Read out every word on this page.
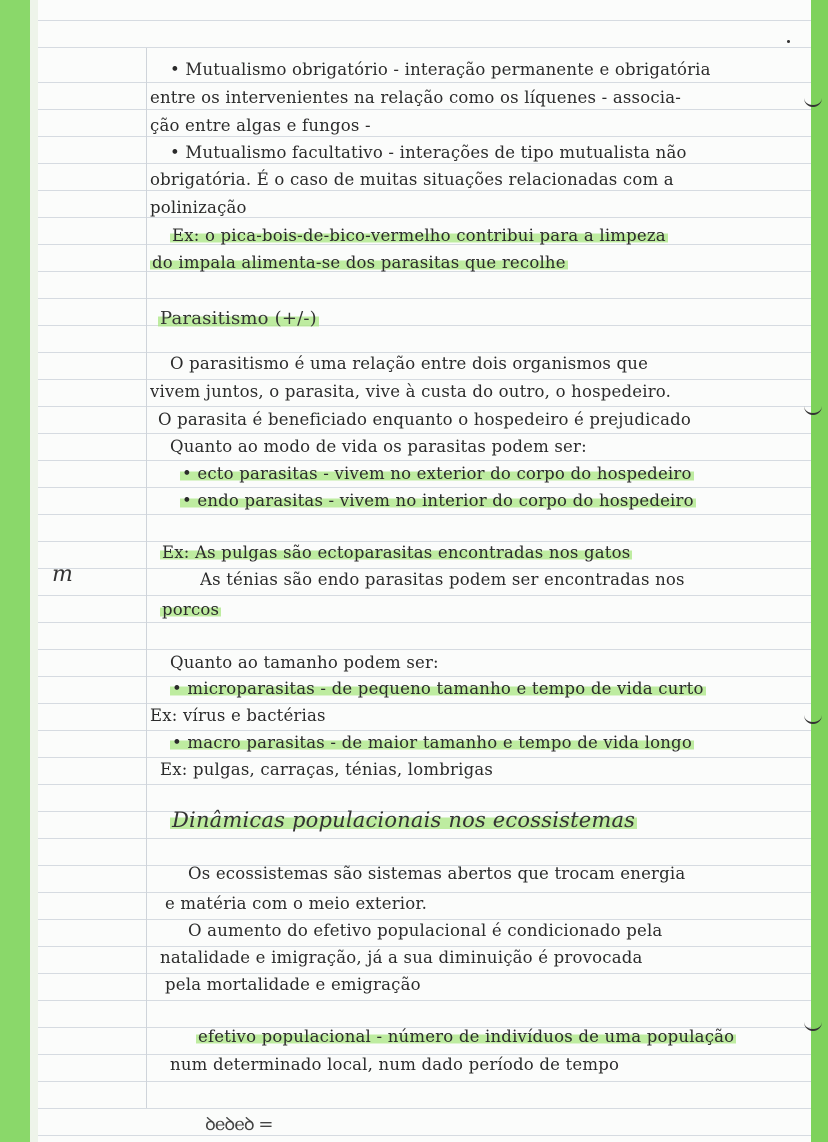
m
• Mutualismo obrigatório - interação permanente e obrigatória
entre os intervenientes na relação como os líquenes - associa-
ção entre algas e fungos -
• Mutualismo facultativo - interações de tipo mutualista não
obrigatória. É o caso de muitas situações relacionadas com a
polinização
Ex: o pica-bois-de-bico-vermelho contribui para a limpeza
do impala alimenta-se dos parasitas que recolhe
Parasitismo (+/-)
O parasitismo é uma relação entre dois organismos que
vivem juntos, o parasita, vive à custa do outro, o hospedeiro.
O parasita é beneficiado enquanto o hospedeiro é prejudicado
Quanto ao modo de vida os parasitas podem ser:
• ecto parasitas - vivem no exterior do corpo do hospedeiro
• endo parasitas - vivem no interior do corpo do hospedeiro
Ex: As pulgas são ectoparasitas encontradas nos gatos
As ténias são endo parasitas podem ser encontradas nos
porcos
Quanto ao tamanho podem ser:
• microparasitas - de pequeno tamanho e tempo de vida curto
Ex: vírus e bactérias
• macro parasitas - de maior tamanho e tempo de vida longo
Ex: pulgas, carraças, ténias, lombrigas
Dinâmicas populacionais nos ecossistemas
Os ecossistemas são sistemas abertos que trocam energia
e matéria com o meio exterior.
O aumento do efetivo populacional é condicionado pela
natalidade e imigração, já a sua diminuição é provocada
pela mortalidade e emigração
efetivo populacional - número de indivíduos de uma população
num determinado local, num dado período de tempo
ꝺeꝺeꝺ =
